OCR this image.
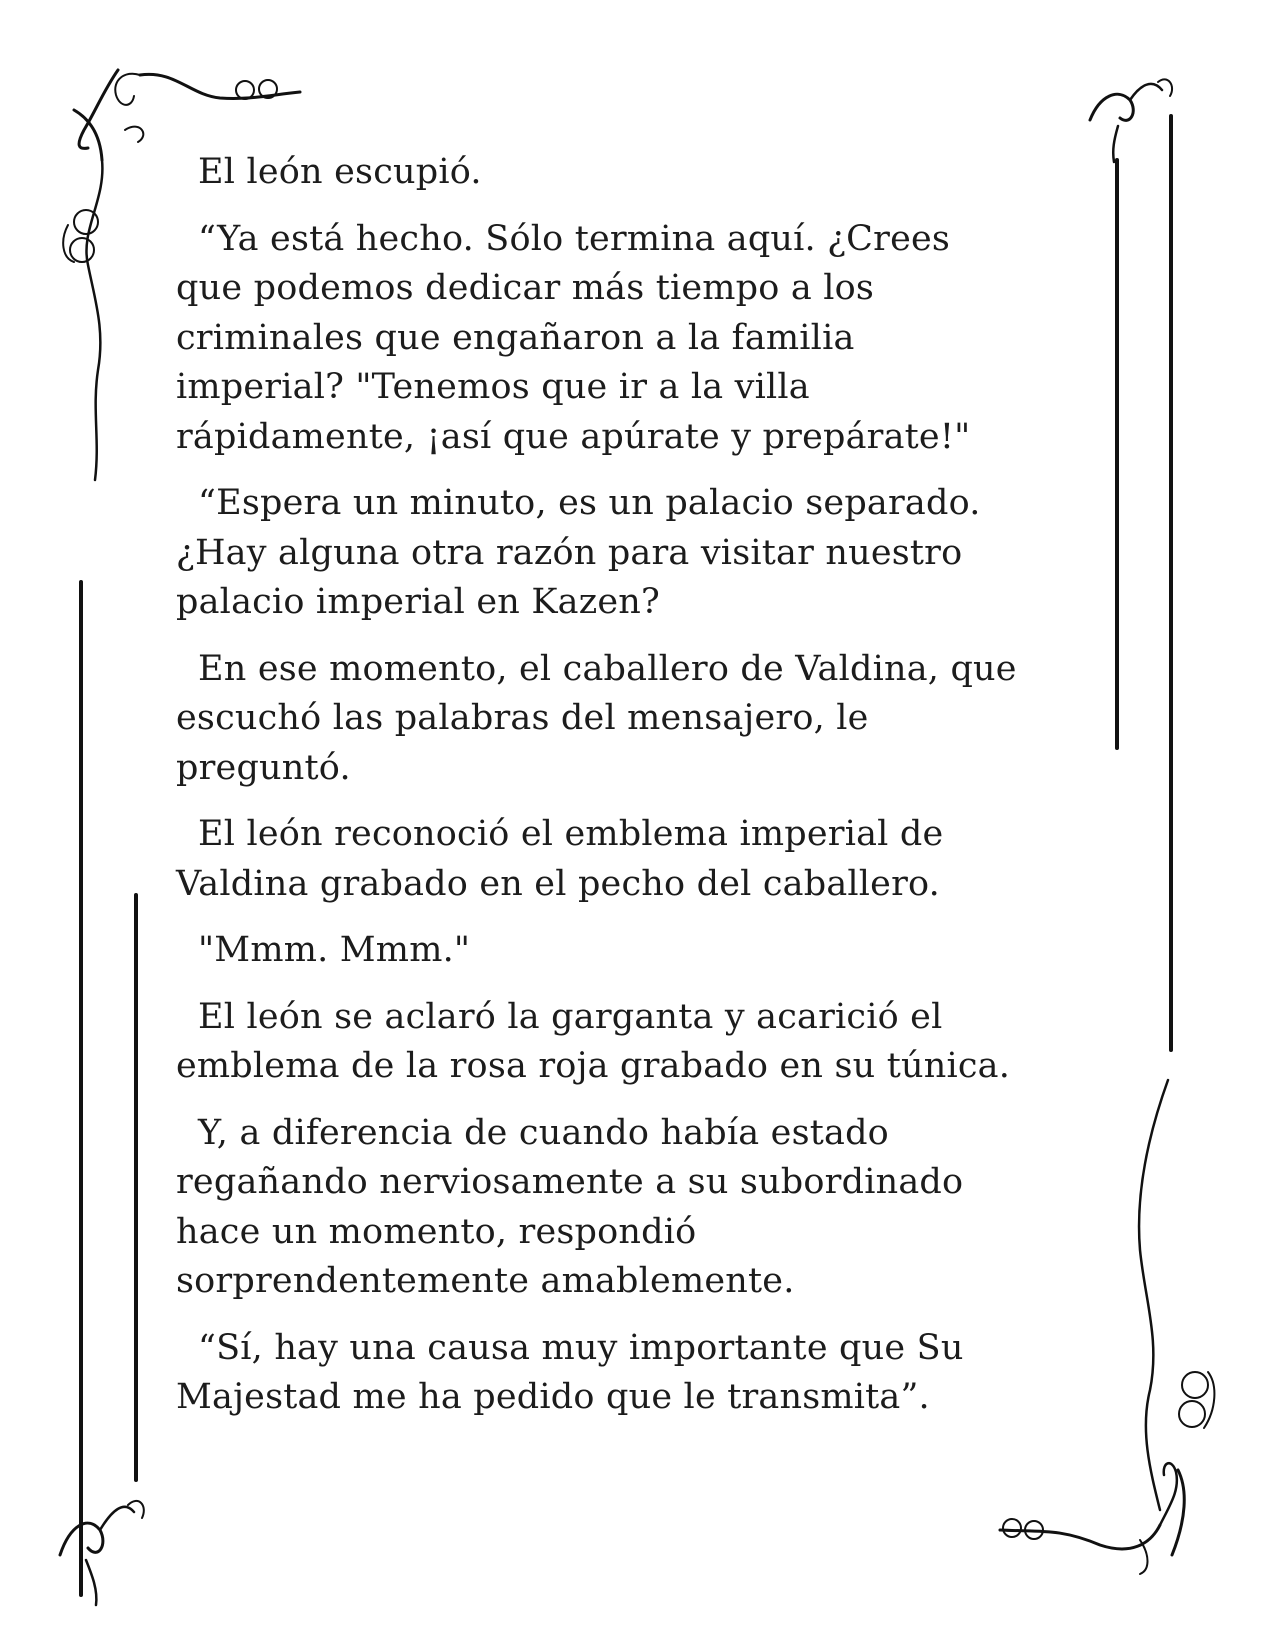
El león escupió.

“Ya está hecho. Sólo termina aquí. ¿Crees
que podemos dedicar más tiempo a los
criminales que engañaron a la familia
imperial? "Tenemos que ir a la villa
rápidamente, ¡así que apúrate y prepárate!"

“Espera un minuto, es un palacio separado.
¿Hay alguna otra razón para visitar nuestro
palacio imperial en Kazen?

En ese momento, el caballero de Valdina, que
escuchó las palabras del mensajero, le
preguntó.

El león reconoció el emblema imperial de
Valdina grabado en el pecho del caballero.

"Mmm. Mmm."

El león se aclaró la garganta y acarició el
emblema de la rosa roja grabado en su túnica.

Y, a diferencia de cuando había estado
regañando nerviosamente a su subordinado
hace un momento, respondió
sorprendentemente amablemente.

“Sí, hay una causa muy importante que Su
Majestad me ha pedido que le transmita”.
